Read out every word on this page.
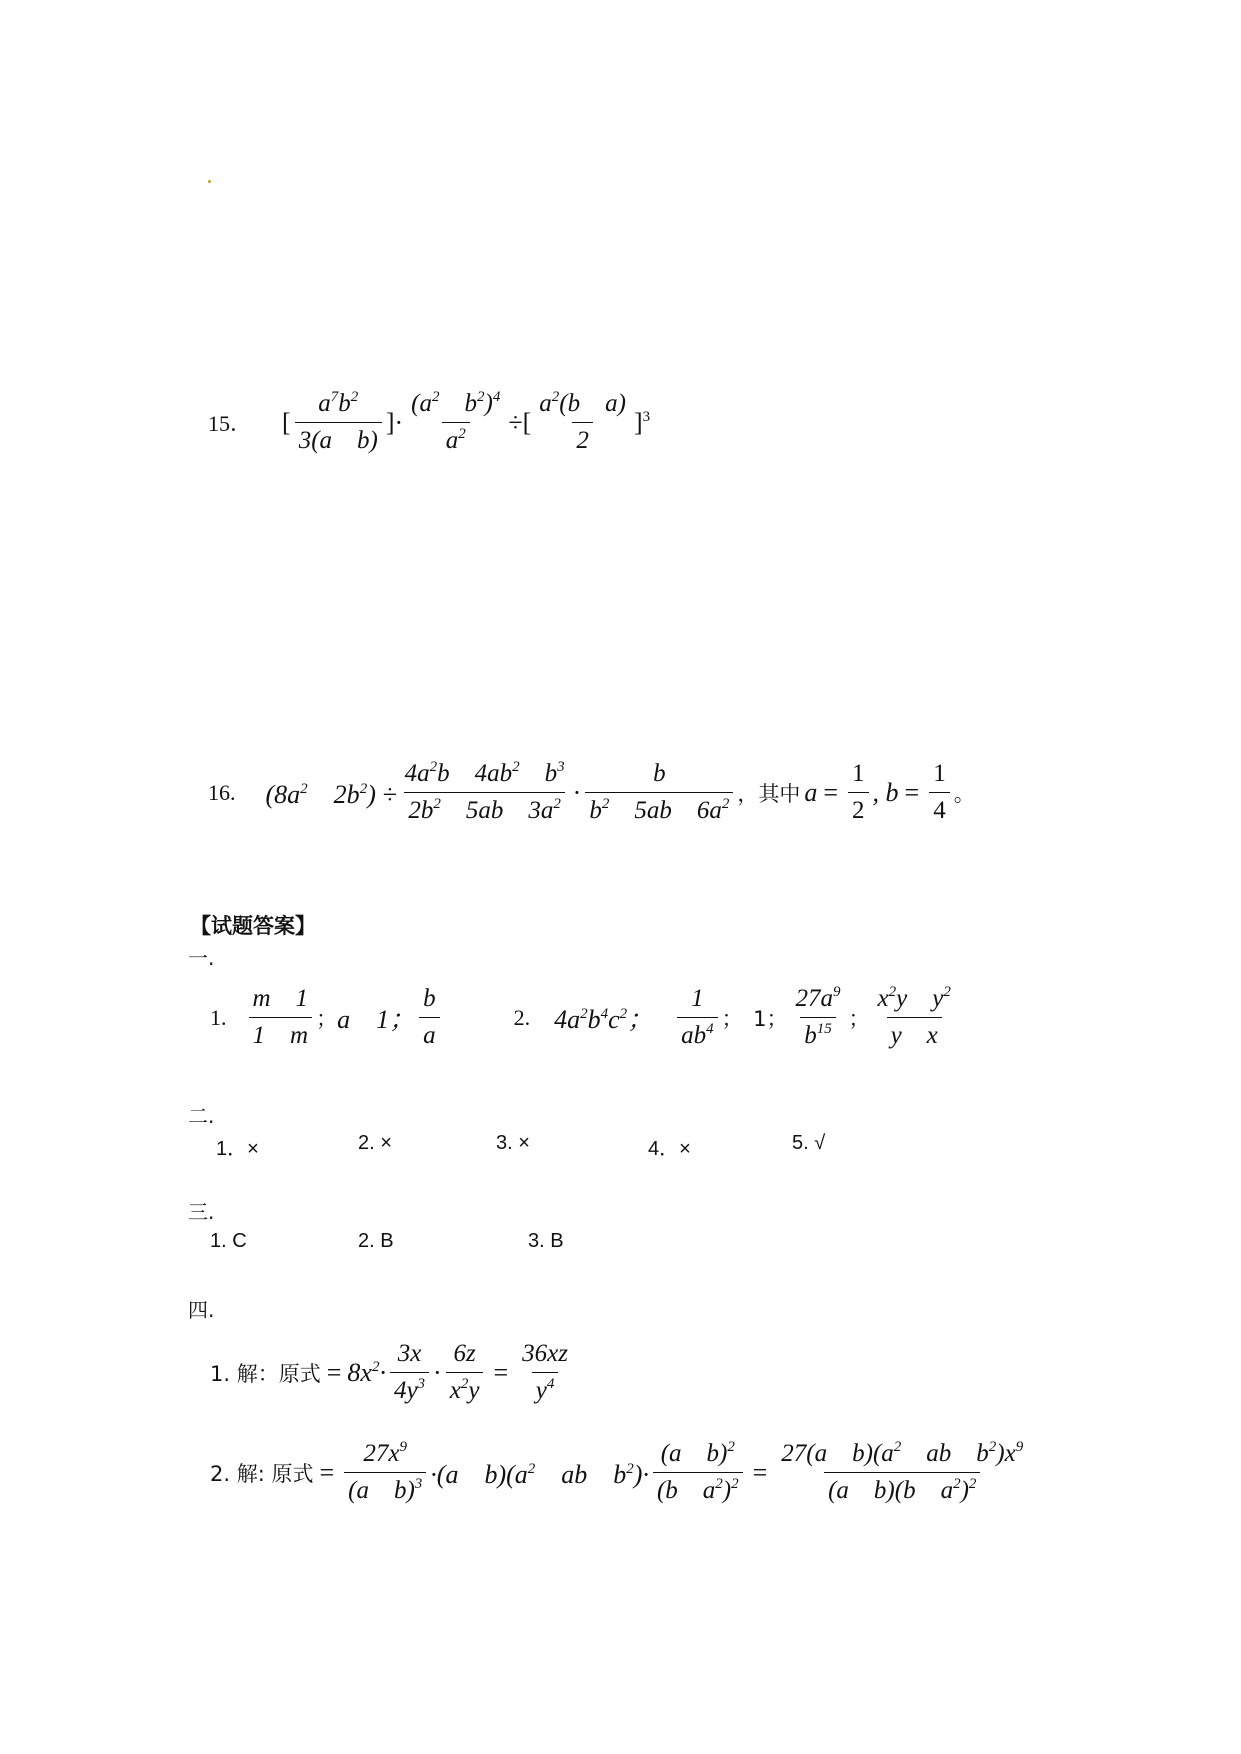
15． [ $\frac{a^7b^2}{\text{3(a　b)}}$ ]· $\frac{(a^2 b^2)^4}{a^2}$ ÷[ $\frac{a^2(b a)}{2} ]^3$
16. ($8a^2$　$2b^2) \div \frac{4a^2b 4ab^2 b^3}{2b^2 5ab 3a^2} \cdot \frac{b}{b^2 5ab 6a^2}$ ， 其中 $a = \frac{1}{2}$ , $b = \frac{1}{4}$ 。
【试题答案】
一.
1. $\frac{m 1}{1 m}$ ； a　1； $\frac{b}{a}$	2. $4a^2b^4c^2$； $\frac{1}{ab^4}$ ；　1； $\frac{27a^9}{b^{15}}$ ； $\frac{x^2y y^2}{\text{y　x}}$
二.
1．×	2. ×	3. ×	4．×	5. √
三.
1. C	2. B	3. B
四.
1. 解：原式 = $8x^2\cdot \frac{3x}{4y^3} \cdot \frac{6z}{x^2y} = \frac{36xz}{y^4}$
2. 解: 原式 = $\frac{27x^9}{(a b)^3} \cdot(a$　$b)(a^2$　ab　$b^2)\cdot \frac{(a b)^2}{(b a^2)^2} = \frac{27(a b)(a^2 ab b^2)x^9}{(a b)(b a^2)^2}$
